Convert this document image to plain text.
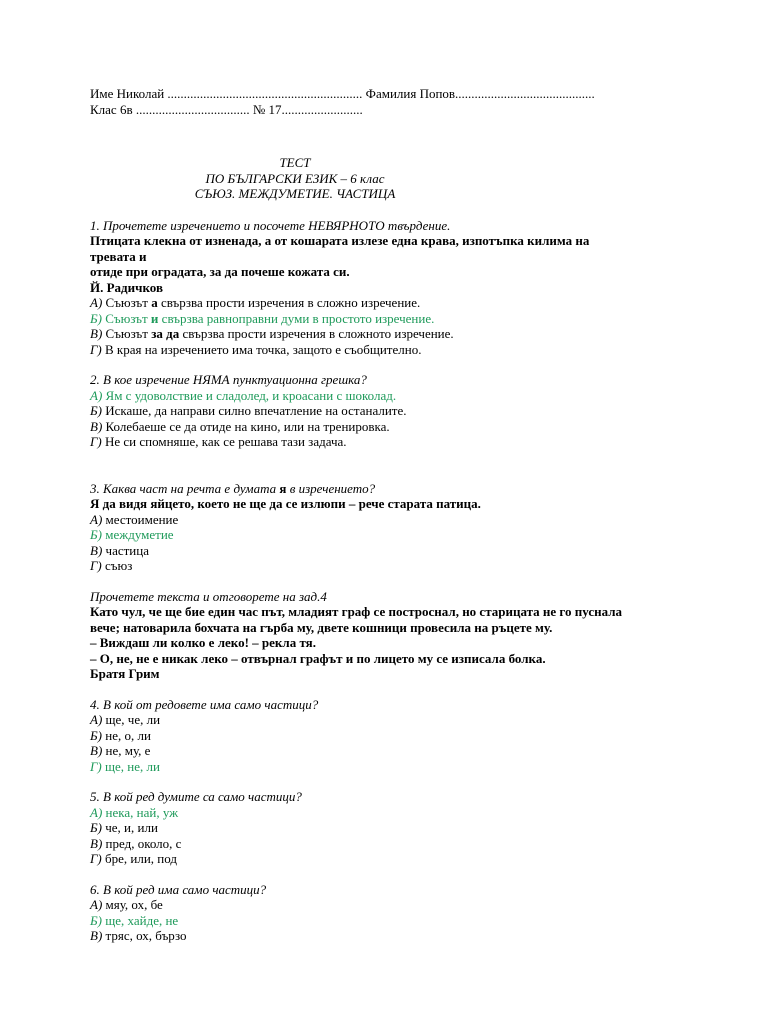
Име Николай ............................................................ Фамилия Попов...........................................
Клас 6в ................................... № 17.........................
ТЕСТ
ПО БЪЛГАРСКИ ЕЗИК – 6 клас
СЪЮЗ. МЕЖДУМЕТИЕ. ЧАСТИЦА
1. Прочетете изречението и посочете НЕВЯРНОТО твърдение.
Птицата клекна от изненада, а от кошарата излезе една крава, изпотъпка килима на
тревата и
отиде при оградата, за да почеше кожата си.
Й. Радичков
А) Съюзът а свързва прости изречения в сложно изречение.
Б) Съюзът и свързва равноправни думи в простото изречение.
В) Съюзът за да свързва прости изречения в сложното изречение.
Г) В края на изречението има точка, защото е съобщително.
2. В кое изречение НЯМА пунктуационна грешка?
А) Ям с удоволствие и сладолед, и кроасани с шоколад.
Б) Искаше, да направи силно впечатление на останалите.
В) Колебаеше се да отиде на кино, или на тренировка.
Г) Не си спомняше, как се решава тази задача.
3. Каква част на речта е думата я в изречението?
Я да видя яйцето, което не ще да се излюпи – рече старата патица.
А) местоимение
Б) междуметие
В) частица
Г) съюз
Прочетете текста и отговорете на зад.4
Като чул, че ще бие един час път, младият граф се построснал, но старицата не го пуснала
вече; натоварила бохчата на гърба му, двете кошници провесила на ръцете му.
– Виждаш ли колко е леко! – рекла тя.
– О, не, не е никак леко – отвърнал графът и по лицето му се изписала болка.
Братя Грим
4. В кой от редовете има само частици?
А) ще, че, ли
Б) не, о, ли
В) не, му, е
Г) ще, не, ли
5. В кой ред думите са само частици?
А) нека, най, уж
Б) че, и, или
В) пред, около, с
Г) бре, или, под
6. В кой ред има само частици?
А) мяу, ох, бе
Б) ще, хайде, не
В) тряс, ох, бързо
